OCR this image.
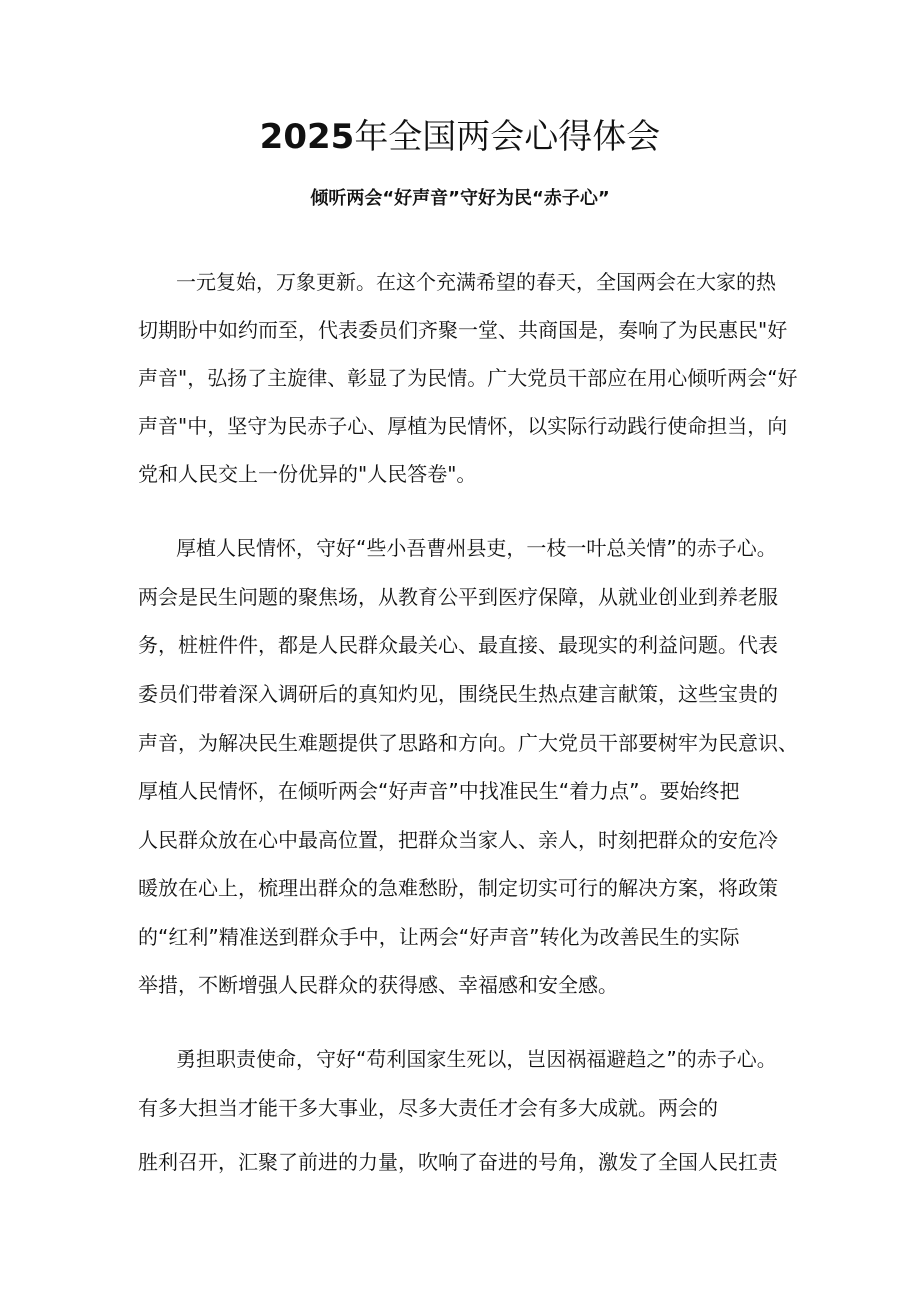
2025年全国两会心得体会
倾听两会“好声音”守好为民“赤子心”
一元复始，万象更新。在这个充满希望的春天，全国两会在大家的热
切期盼中如约而至，代表委员们齐聚一堂、共商国是，奏响了为民惠民"好
声音"，弘扬了主旋律、彰显了为民情。广大党员干部应在用心倾听两会“好
声音"中，坚守为民赤子心、厚植为民情怀，以实际行动践行使命担当，向
党和人民交上一份优异的"人民答卷"。
厚植人民情怀，守好“些小吾曹州县吏，一枝一叶总关情”的赤子心。
两会是民生问题的聚焦场，从教育公平到医疗保障，从就业创业到养老服
务，桩桩件件，都是人民群众最关心、最直接、最现实的利益问题。代表
委员们带着深入调研后的真知灼见，围绕民生热点建言献策，这些宝贵的
声音，为解决民生难题提供了思路和方向。广大党员干部要树牢为民意识、
厚植人民情怀，在倾听两会“好声音”中找准民生“着力点”。要始终把
人民群众放在心中最高位置，把群众当家人、亲人，时刻把群众的安危冷
暖放在心上，梳理出群众的急难愁盼，制定切实可行的解决方案，将政策
的“红利”精准送到群众手中，让两会“好声音”转化为改善民生的实际
举措，不断增强人民群众的获得感、幸福感和安全感。
勇担职责使命，守好“苟利国家生死以，岂因祸福避趋之”的赤子心。
有多大担当才能干多大事业，尽多大责任才会有多大成就。两会的
胜利召开，汇聚了前进的力量，吹响了奋进的号角，激发了全国人民扛责
